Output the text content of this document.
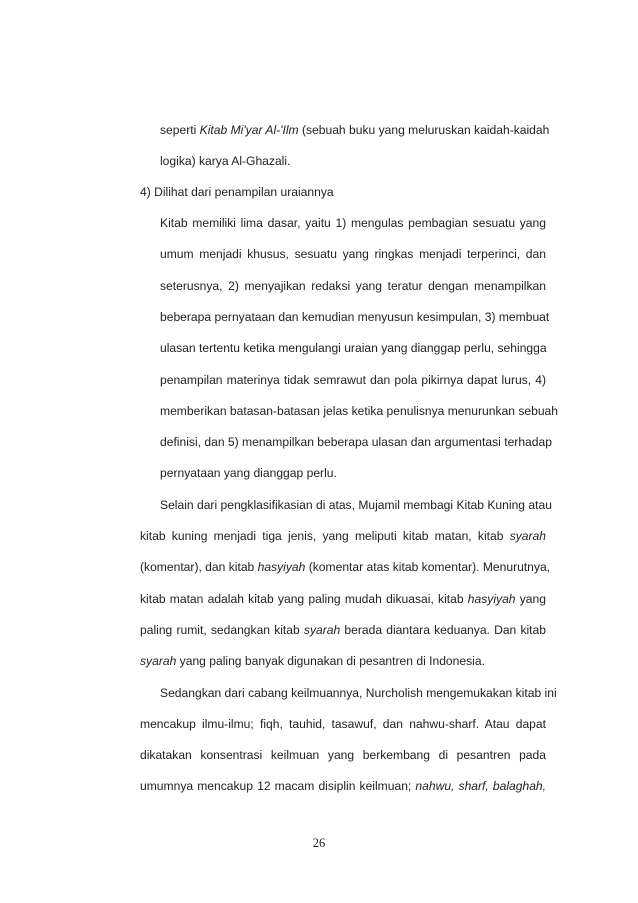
seperti Kitab Mi'yar Al-'Ilm (sebuah buku yang meluruskan kaidah-kaidah
logika) karya Al-Ghazali.
4) Dilihat dari penampilan uraiannya
Kitab memiliki lima dasar, yaitu 1) mengulas pembagian sesuatu yang
umum menjadi khusus, sesuatu yang ringkas menjadi terperinci, dan
seterusnya, 2) menyajikan redaksi yang teratur dengan menampilkan
beberapa pernyataan dan kemudian menyusun kesimpulan, 3) membuat
ulasan tertentu ketika mengulangi uraian yang dianggap perlu, sehingga
penampilan materinya tidak semrawut dan pola pikirnya dapat lurus, 4)
memberikan batasan-batasan jelas ketika penulisnya menurunkan sebuah
definisi, dan 5) menampilkan beberapa ulasan dan argumentasi terhadap
pernyataan yang dianggap perlu.
Selain dari pengklasifikasian di atas, Mujamil membagi Kitab Kuning atau
kitab kuning menjadi tiga jenis, yang meliputi kitab matan, kitab syarah
(komentar), dan kitab hasyiyah (komentar atas kitab komentar). Menurutnya,
kitab matan adalah kitab yang paling mudah dikuasai, kitab hasyiyah yang
paling rumit, sedangkan kitab syarah berada diantara keduanya. Dan kitab
syarah yang paling banyak digunakan di pesantren di Indonesia.
Sedangkan dari cabang keilmuannya, Nurcholish mengemukakan kitab ini
mencakup ilmu-ilmu; fiqh, tauhid, tasawuf, dan nahwu-sharf. Atau dapat
dikatakan konsentrasi keilmuan yang berkembang di pesantren pada
umumnya mencakup 12 macam disiplin keilmuan; nahwu, sharf, balaghah,
26
